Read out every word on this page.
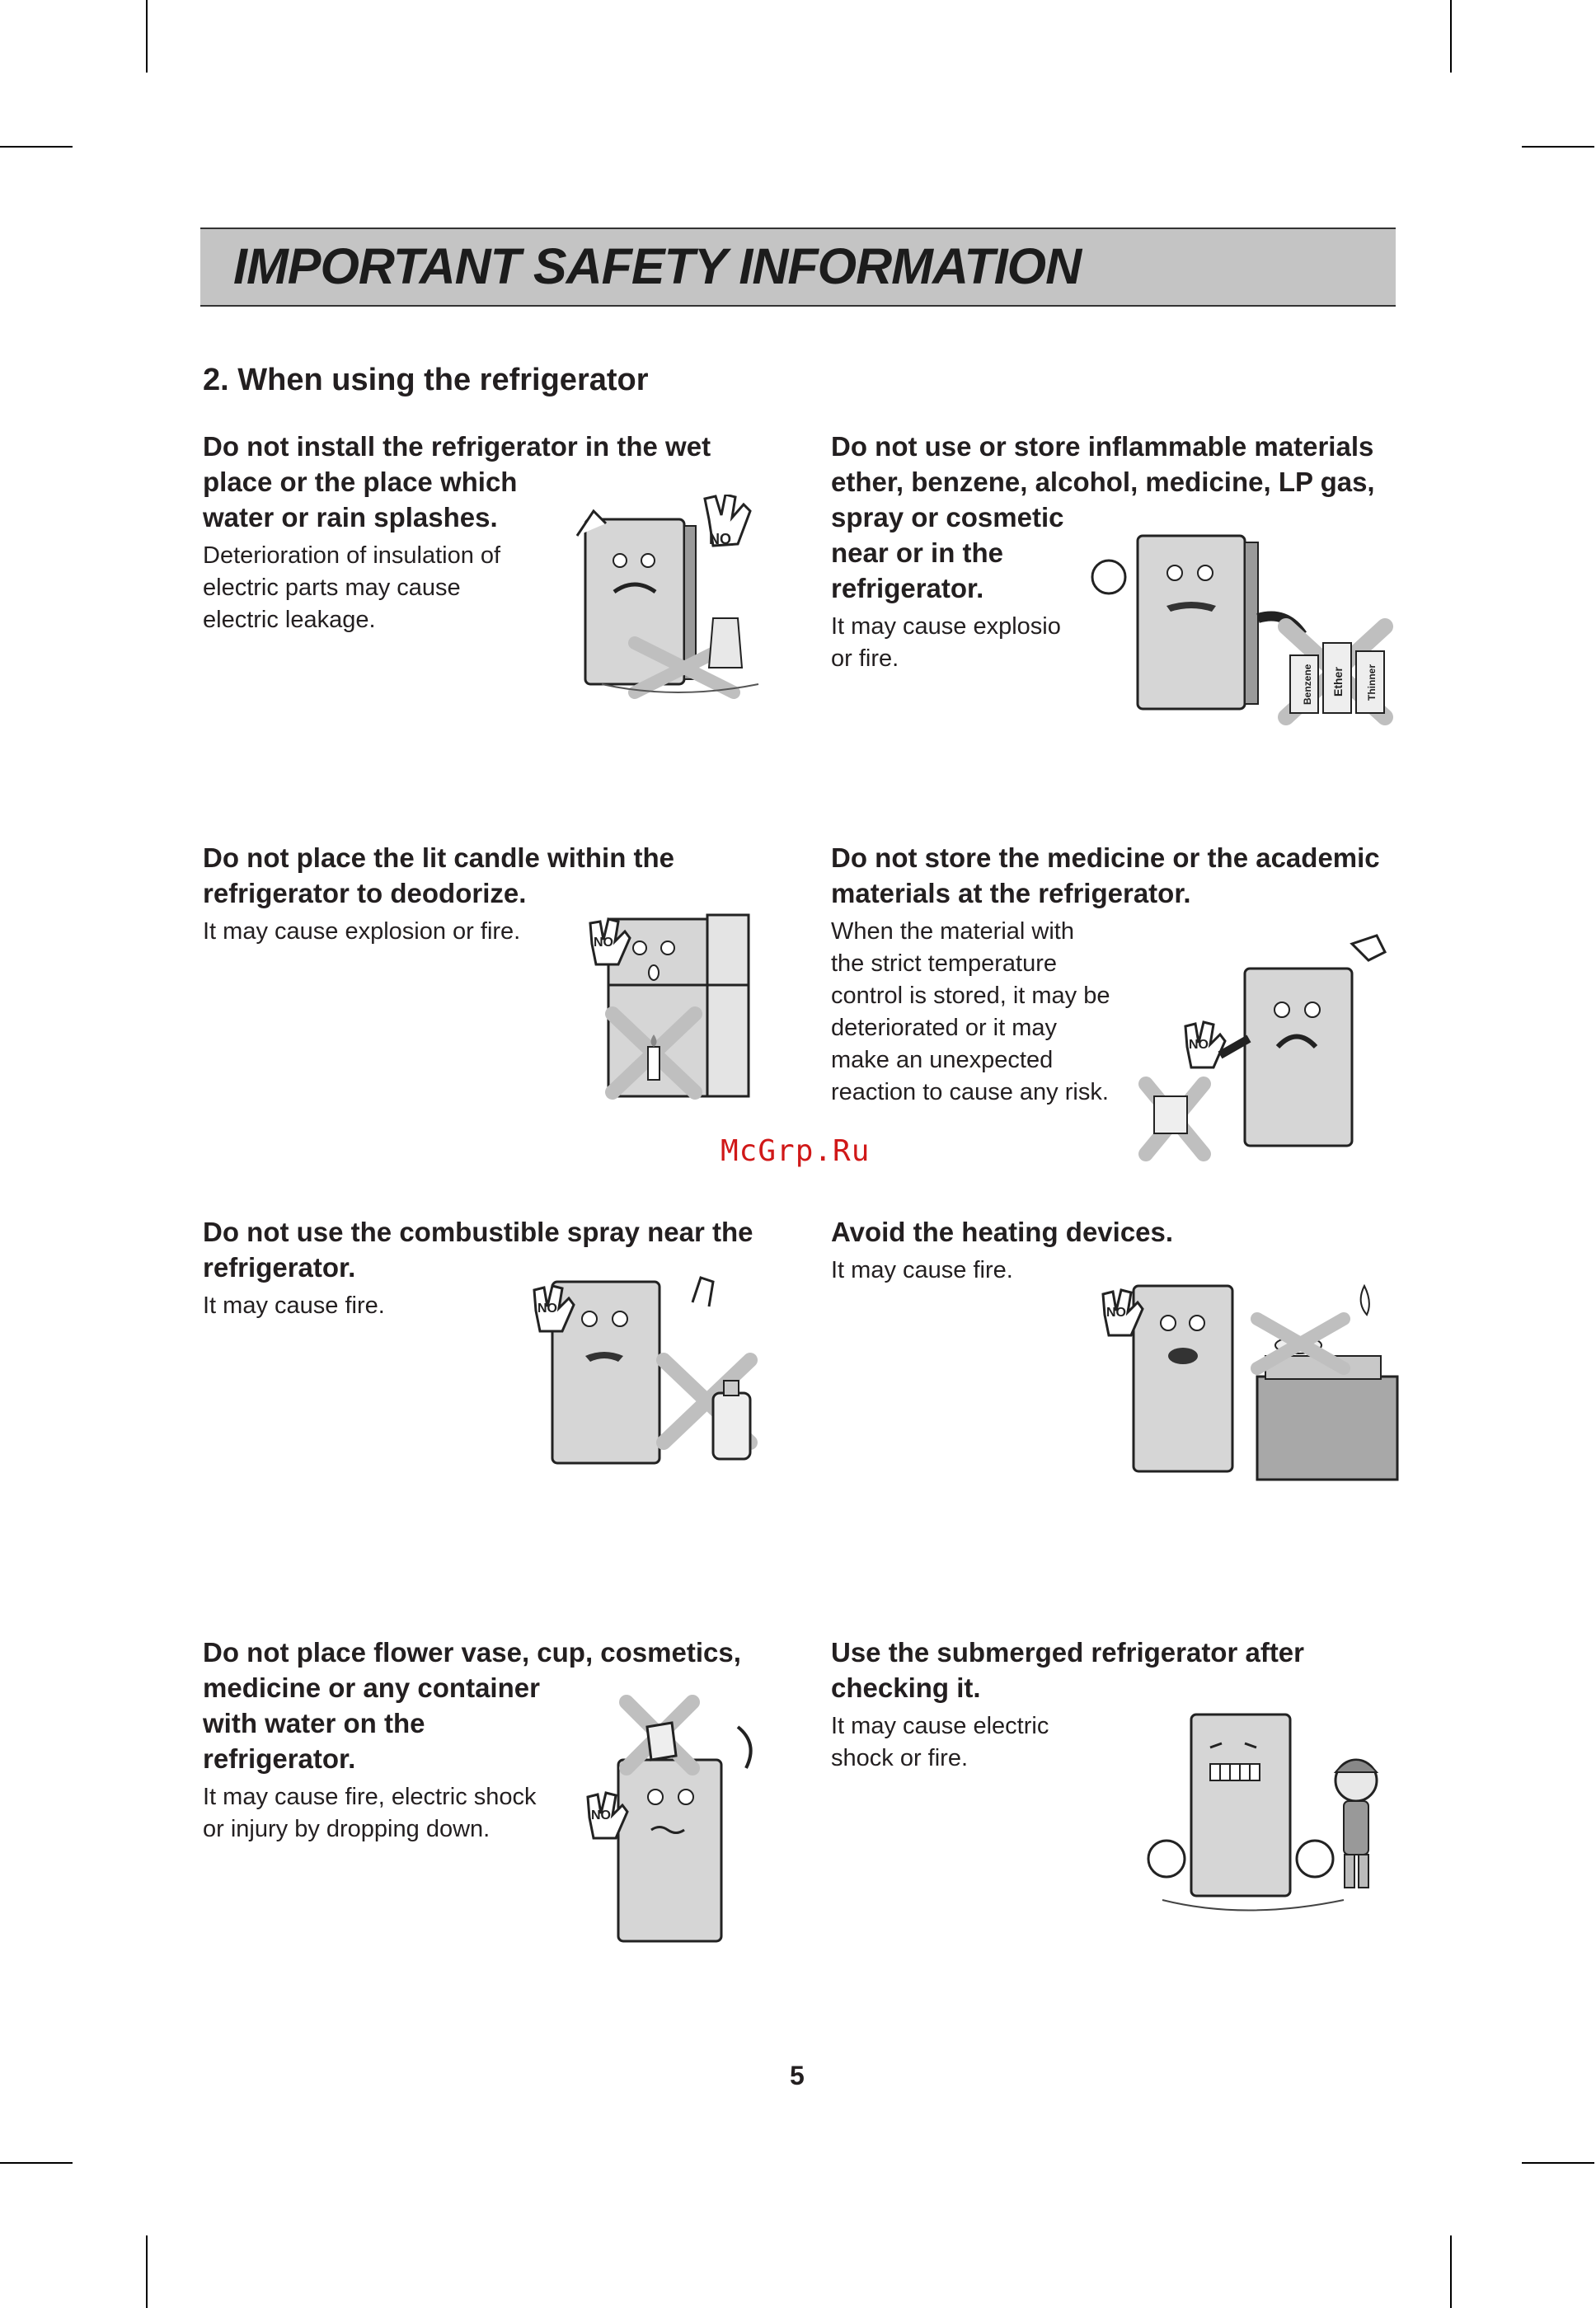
IMPORTANT SAFETY INFORMATION
2. When using the refrigerator
Do not install the refrigerator in the wet
place or the place which
water or rain splashes.
Deterioration of insulation of
electric parts may cause
electric leakage.
NO
Do not use or store inflammable materials
ether, benzene, alcohol, medicine, LP gas,
spray or cosmetic
near or in the
refrigerator.
It may cause explosio
or fire.
Benzene Ether Thinner
Do not place the lit candle within the
refrigerator to deodorize.
It may cause explosion or fire.	NO
Do not store the medicine or the academic
materials at the refrigerator.
When the material with
the strict temperature
control is stored, it may be
deteriorated or it may
make an unexpected
reaction to cause any risk.
NO
McGrp.Ru
Do not use the combustible spray near the
refrigerator.
It may cause fire.	NO
Avoid the heating devices.
It may cause fire.
NO
Do not place flower vase, cup, cosmetics,
medicine or any container
with water on the
refrigerator.
It may cause fire, electric shock
or injury by dropping down.
NO
Use the submerged refrigerator after
checking it.
It may cause electric
shock or fire.
5
